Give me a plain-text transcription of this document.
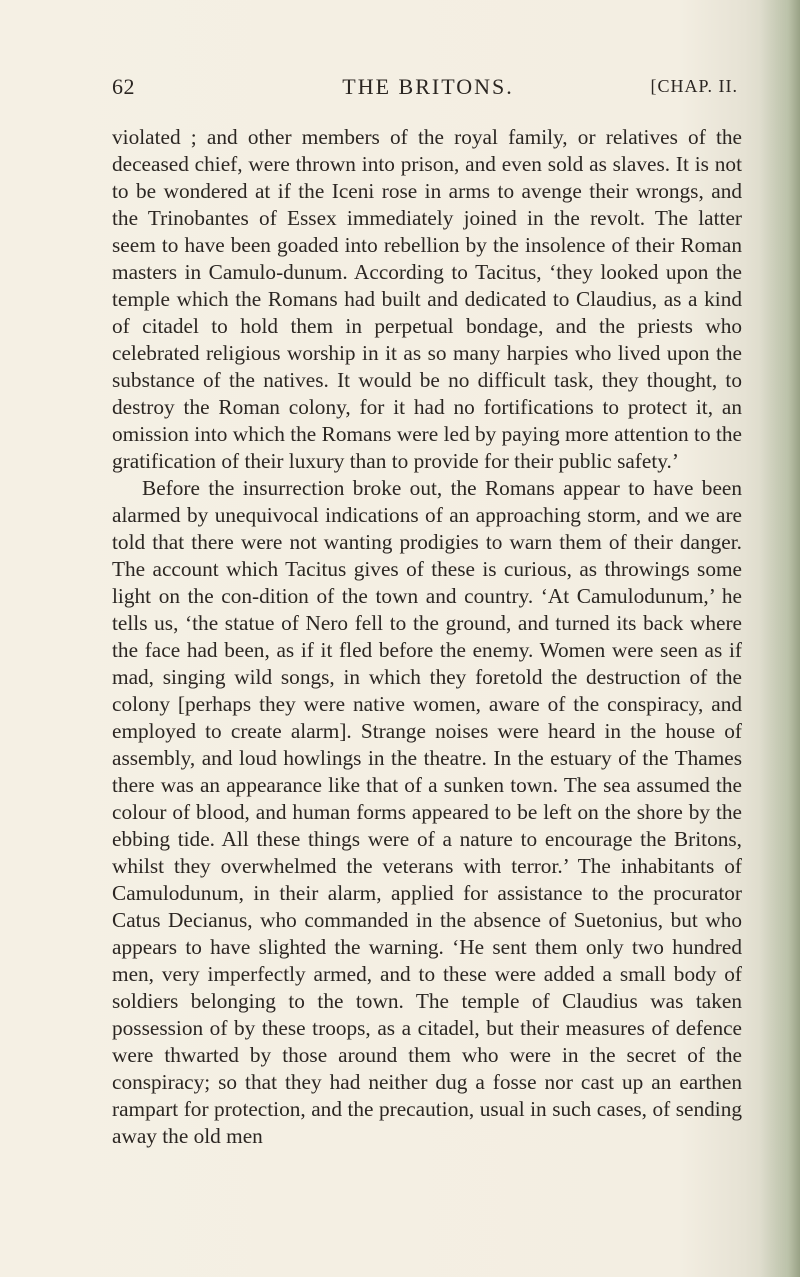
62	THE BRITONS.	[CHAP. II.

violated ; and other members of the royal family, or relatives of the deceased chief, were thrown into prison, and even sold as slaves. It is not to be wondered at if the Iceni rose in arms to avenge their wrongs, and the Trinobantes of Essex immediately joined in the revolt. The latter seem to have been goaded into rebellion by the insolence of their Roman masters in Camulo-dunum. According to Tacitus, ‘they looked upon the temple which the Romans had built and dedicated to Claudius, as a kind of citadel to hold them in perpetual bondage, and the priests who celebrated religious worship in it as so many harpies who lived upon the substance of the natives. It would be no difficult task, they thought, to destroy the Roman colony, for it had no fortifications to protect it, an omission into which the Romans were led by paying more attention to the gratification of their luxury than to provide for their public safety.’

Before the insurrection broke out, the Romans appear to have been alarmed by unequivocal indications of an approaching storm, and we are told that there were not wanting prodigies to warn them of their danger. The account which Tacitus gives of these is curious, as throwings some light on the con-dition of the town and country. ‘At Camulodunum,’ he tells us, ‘the statue of Nero fell to the ground, and turned its back where the face had been, as if it fled before the enemy. Women were seen as if mad, singing wild songs, in which they foretold the destruction of the colony [perhaps they were native women, aware of the conspiracy, and employed to create alarm]. Strange noises were heard in the house of assembly, and loud howlings in the theatre. In the estuary of the Thames there was an appearance like that of a sunken town. The sea assumed the colour of blood, and human forms appeared to be left on the shore by the ebbing tide. All these things were of a nature to encourage the Britons, whilst they overwhelmed the veterans with terror.’ The inhabitants of Camulodunum, in their alarm, applied for assistance to the procurator Catus Decianus, who commanded in the absence of Suetonius, but who appears to have slighted the warning. ‘He sent them only two hundred men, very imperfectly armed, and to these were added a small body of soldiers belonging to the town. The temple of Claudius was taken possession of by these troops, as a citadel, but their measures of defence were thwarted by those around them who were in the secret of the conspiracy; so that they had neither dug a fosse nor cast up an earthen rampart for protection, and the precaution, usual in such cases, of sending away the old men
